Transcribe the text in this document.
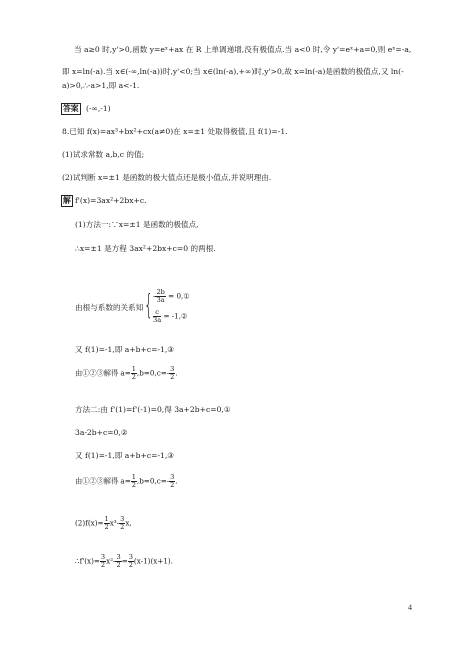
当 a≥0 时,y'>0,函数 y=eˣ+ax 在 R 上单调递增,没有极值点.当 a<0 时,令 y'=eˣ+a=0,则 eˣ=-a,
即 x=ln(-a).当 x∈(-∞,ln(-a))时,y'<0;当 x∈(ln(-a),+∞)时,y'>0,故 x=ln(-a)是函数的极值点,又 ln(-
a)>0,∴-a>1,即 a<-1.
答案 (-∞,-1)
8.已知 f(x)=ax³+bx²+cx(a≠0)在 x=±1 处取得极值,且 f(1)=-1.
(1)试求常数 a,b,c 的值;
(2)试判断 x=±1 是函数的极大值点还是极小值点,并说明理由.
解 f'(x)=3ax²+2bx+c.
(1)方法一:∵x=±1 是函数的极值点,
∴x=±1 是方程 3ax²+2bx+c=0 的两根.
由根与系数的关系知 { - $\frac{2b}{3a}$ = 0,①
$\frac{c}{3a}$ = -1,②
又 f(1)=-1,即 a+b+c=-1,③
由①②③解得 $a= \frac{1}{2} ,b=0,c=- \frac{3}{2}$ .
方法二:由 f'(1)=f'(-1)=0,得 3a+2b+c=0,①
3a-2b+c=0,②
又 f(1)=-1,即 a+b+c=-1,③
由①②③解得 $a= \frac{1}{2} ,b=0,c=- \frac{3}{2}$ .
$(2)f(x)= \frac{1}{2} x^3- \frac{3}{2} x$,
∴f'(x)= $\frac{3}{2} x^2- \frac{3}{2} = \frac{3}{2} (x-1)(x+1)$.
4
